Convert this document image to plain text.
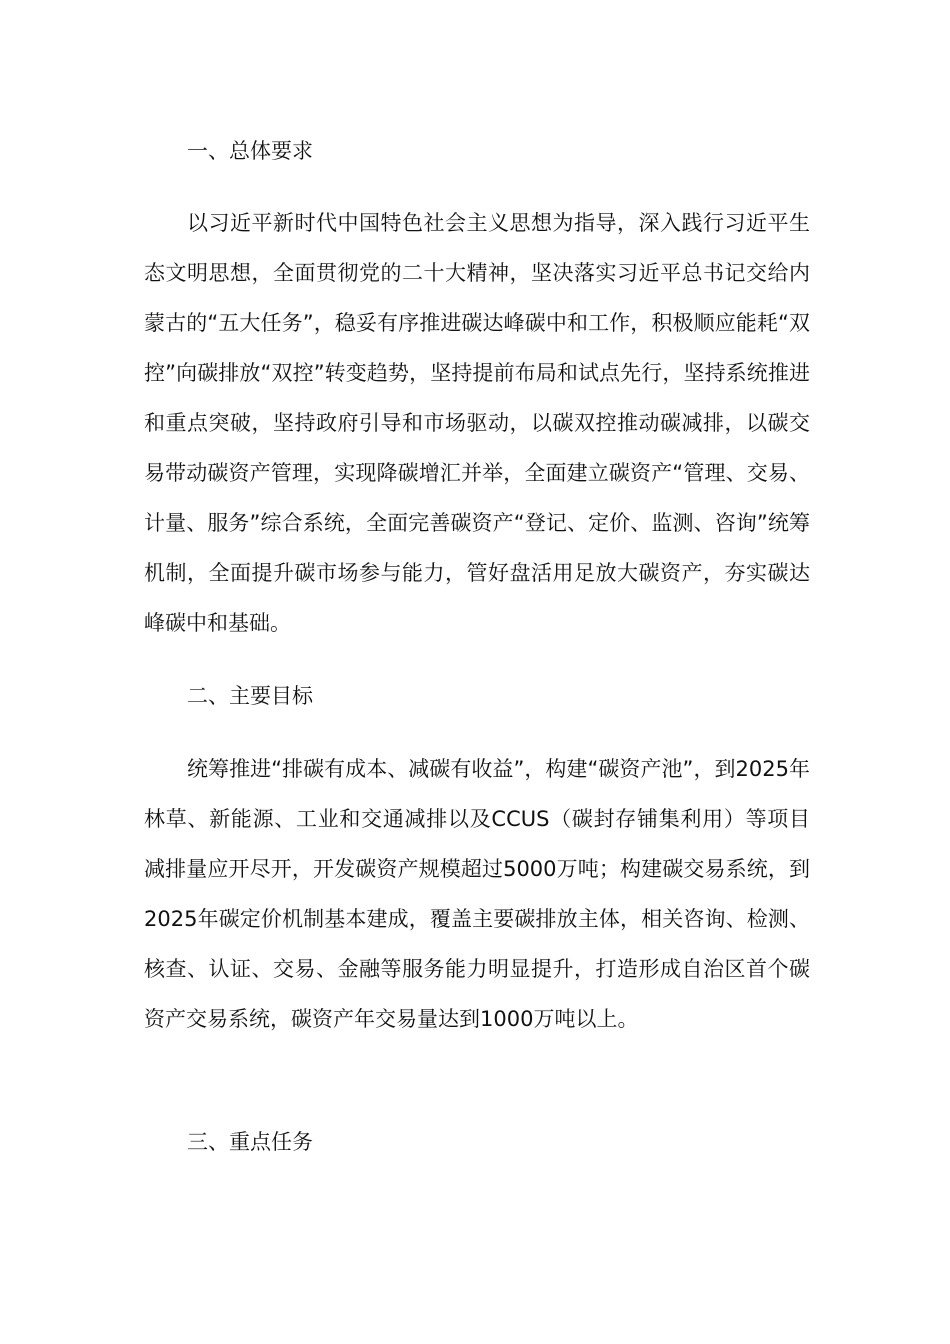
一、总体要求

以习近平新时代中国特色社会主义思想为指导，深入践行习近平生态文明思想，全面贯彻党的二十大精神，坚决落实习近平总书记交给内蒙古的“五大任务”，稳妥有序推进碳达峰碳中和工作，积极顺应能耗“双控”向碳排放“双控”转变趋势，坚持提前布局和试点先行，坚持系统推进和重点突破，坚持政府引导和市场驱动，以碳双控推动碳减排，以碳交易带动碳资产管理，实现降碳增汇并举，全面建立碳资产“管理、交易、计量、服务”综合系统，全面完善碳资产“登记、定价、监测、咨询”统筹机制，全面提升碳市场参与能力，管好盘活用足放大碳资产，夯实碳达峰碳中和基础。

二、主要目标

统筹推进“排碳有成本、减碳有收益”，构建“碳资产池”，到2025年林草、新能源、工业和交通减排以及CCUS（碳封存铺集利用）等项目减排量应开尽开，开发碳资产规模超过5000万吨；构建碳交易系统，到2025年碳定价机制基本建成，覆盖主要碳排放主体，相关咨询、检测、核查、认证、交易、金融等服务能力明显提升，打造形成自治区首个碳资产交易系统，碳资产年交易量达到1000万吨以上。

三、重点任务
